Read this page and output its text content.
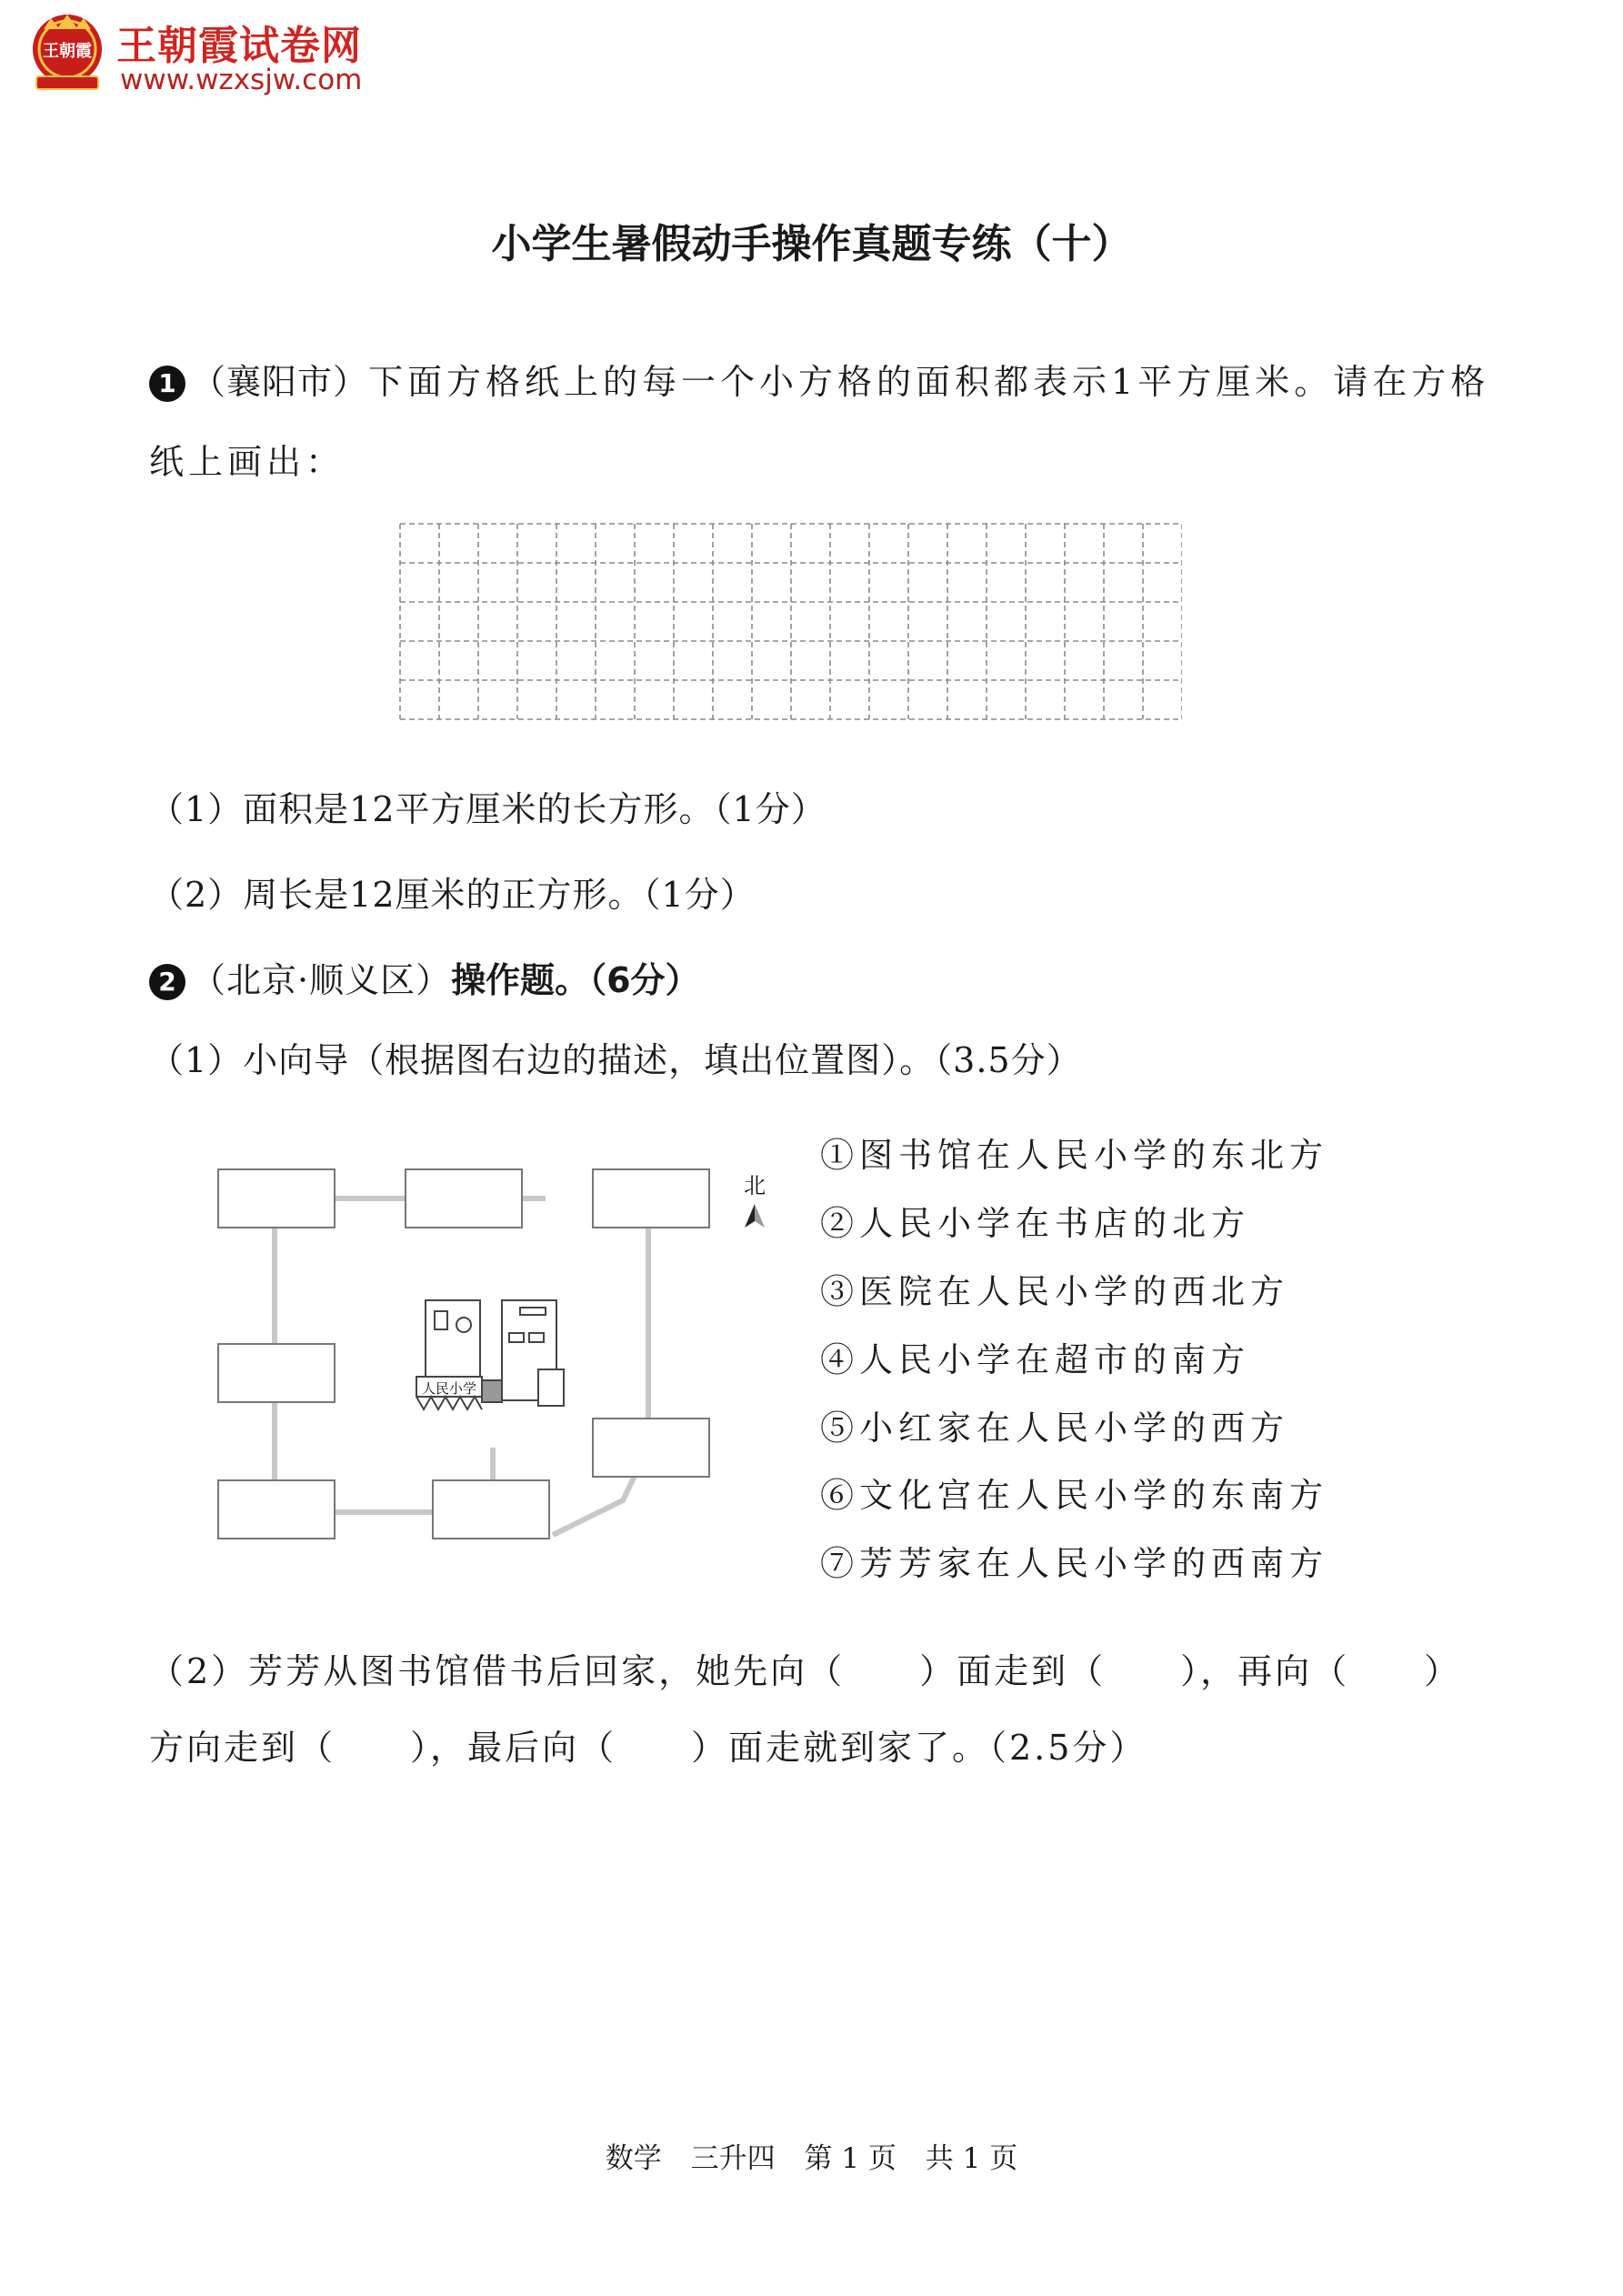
王朝霞 王朝霞试卷网
www.wzxsjw.com
小学生暑假动手操作真题专练（十）
1 （襄阳市）下面方格纸上的每一个小方格的面积都表示1平方厘米。请在方格
纸上画出：
（1）面积是12平方厘米的长方形。（1分）
（2）周长是12厘米的正方形。（1分）
2 （北京·顺义区）操作题。（6分）
（1）小向导（根据图右边的描述，填出位置图）。（3.5分）
人民小学
北
①图书馆在人民小学的东北方
②人民小学在书店的北方
③医院在人民小学的西北方
④人民小学在超市的南方
⑤小红家在人民小学的西方
⑥文化宫在人民小学的东南方
⑦芳芳家在人民小学的西南方
（2）芳芳从图书馆借书后回家，她先向（　　）面走到（　　），再向（　　）
方向走到（　　），最后向（　　）面走就到家了。（2.5分）
数学 三升四 第 1 页 共 1 页
